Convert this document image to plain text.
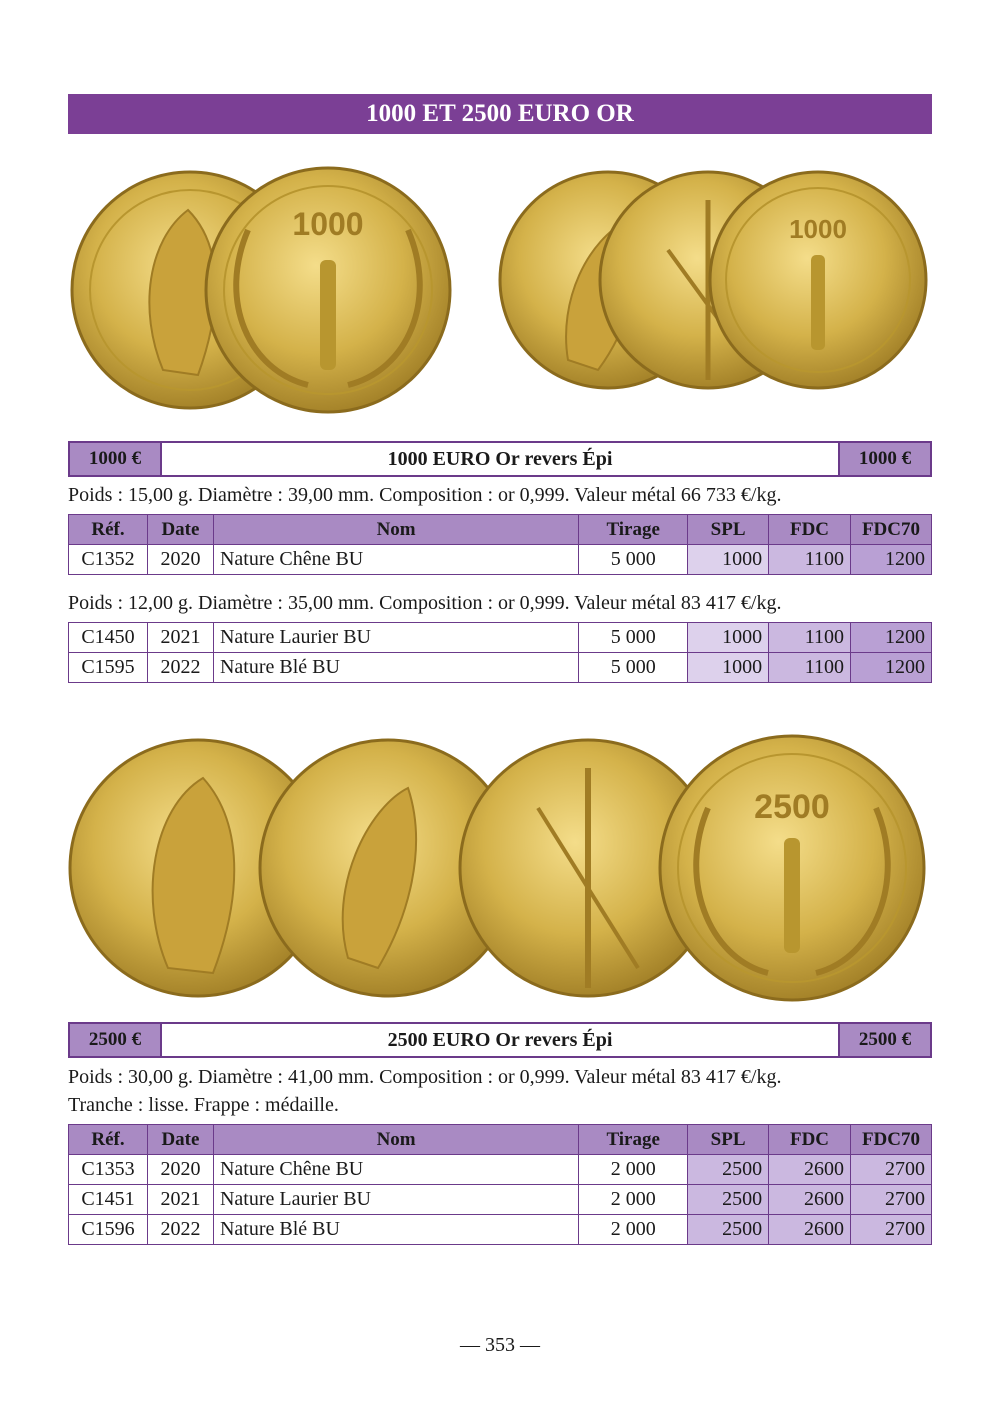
1000 ET 2500 EURO OR
1000	1000
1000 €	1000 EURO Or revers Épi	1000 €
Poids : 15,00 g. Diamètre : 39,00 mm. Composition : or 0,999. Valeur métal 66 733 €/kg.
Réf.	Date	Nom	Tirage	SPL	FDC	FDC70
C1352	2020	Nature Chêne BU	5 000	1000	1100	1200
Poids : 12,00 g. Diamètre : 35,00 mm. Composition : or 0,999. Valeur métal 83 417 €/kg.
C1450	2021	Nature Laurier BU	5 000	1000	1100	1200
C1595	2022	Nature Blé BU	5 000	1000	1100	1200
2500
2500 €	2500 EURO Or revers Épi	2500 €
Poids : 30,00 g. Diamètre : 41,00 mm. Composition : or 0,999. Valeur métal 83 417 €/kg.
Tranche : lisse. Frappe : médaille.
Réf.	Date	Nom	Tirage	SPL	FDC	FDC70
C1353	2020	Nature Chêne BU	2 000	2500	2600	2700
C1451	2021	Nature Laurier BU	2 000	2500	2600	2700
C1596	2022	Nature Blé BU	2 000	2500	2600	2700
— 353 —
